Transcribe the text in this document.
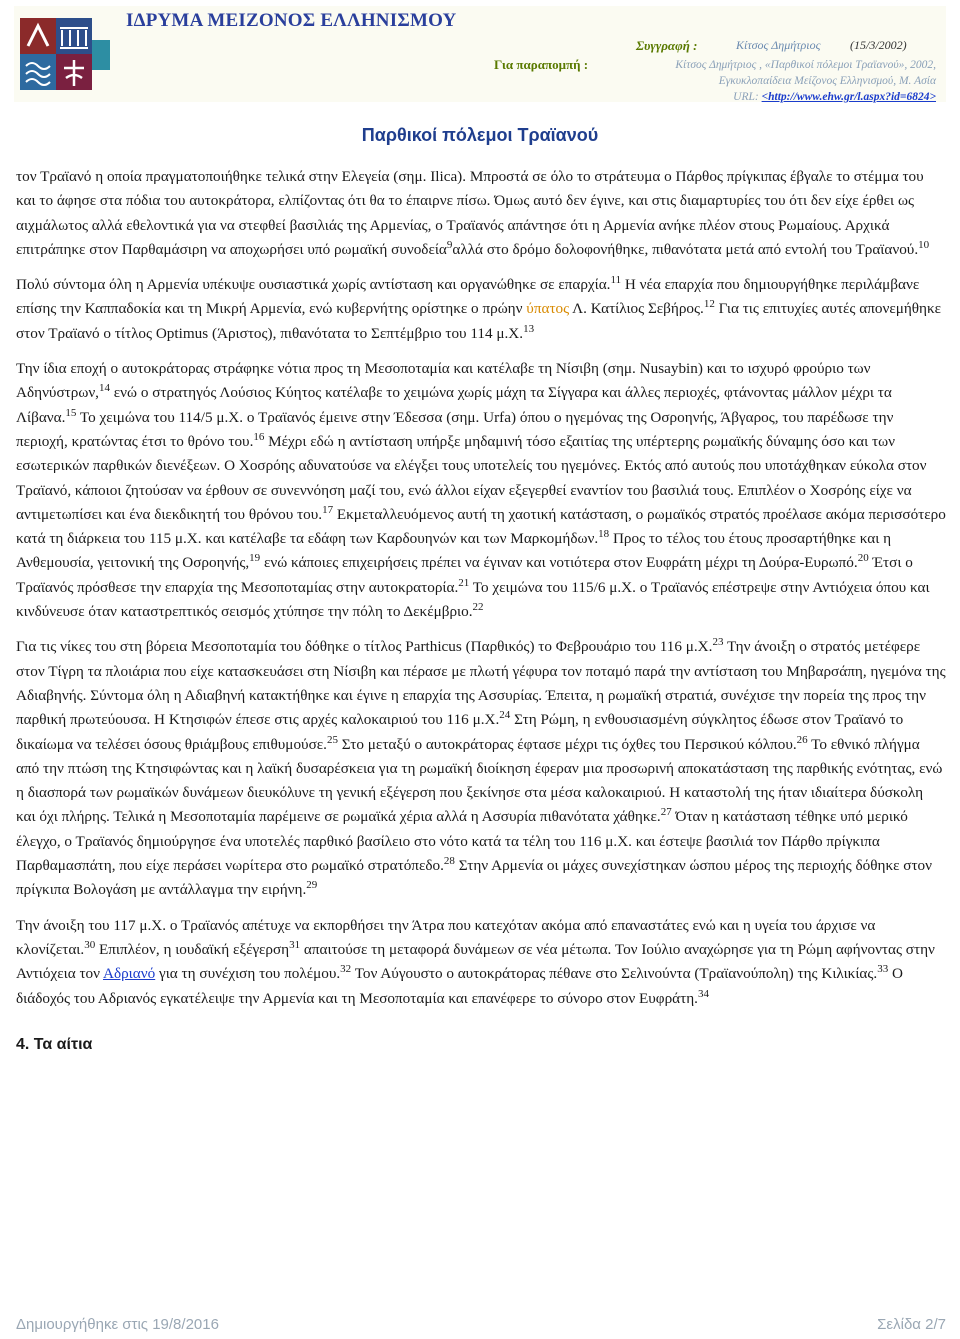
ΙΔΡΥΜΑ ΜΕΙΖΟΝΟΣ ΕΛΛΗΝΙΣΜΟΥ
Συγγραφή :	Κίτσος Δημήτριος (15/3/2002)
Για παραπομπή :	Κίτσος Δημήτριος , «Παρθικοί πόλεμοι Τραϊανού», 2002,
Εγκυκλοπαίδεια Μείζονος Ελληνισμού, Μ. Ασία
URL: <http://www.ehw.gr/l.aspx?id=6824>
Παρθικοί πόλεμοι Τραϊανού

τον Τραϊανό η οποία πραγματοποιήθηκε τελικά στην Ελεγεία (σημ. Ilica). Μπροστά σε όλο το στράτευμα ο Πάρθος πρίγκιπας έβγαλε το στέμμα του και το άφησε στα πόδια του αυτοκράτορα, ελπίζοντας ότι θα το έπαιρνε πίσω. Όμως αυτό δεν έγινε, και στις διαμαρτυρίες του ότι δεν είχε έρθει ως αιχμάλωτος αλλά εθελοντικά για να στεφθεί βασιλιάς της Αρμενίας, ο Τραϊανός απάντησε ότι η Αρμενία ανήκε πλέον στους Ρωμαίους. Αρχικά επιτράπηκε στον Παρθαμάσιρη να αποχωρήσει υπό ρωμαϊκή συνοδεία$^9$αλλά στο δρόμο δολοφονήθηκε, πιθανότατα μετά από εντολή του Τραϊανού.$^{10}$

Πολύ σύντομα όλη η Αρμενία υπέκυψε ουσιαστικά χωρίς αντίσταση και οργανώθηκε σε επαρχία.$^{11}$ Η νέα επαρχία που δημιουργήθηκε περιλάμβανε επίσης την Καππαδοκία και τη Μικρή Αρμενία, ενώ κυβερνήτης ορίστηκε ο πρώην ύπατος Λ. Κατίλιος Σεβήρος.$^{12}$ Για τις επιτυχίες αυτές απονεμήθηκε στον Τραϊανό ο τίτλος Optimus (Άριστος), πιθανότατα το Σεπτέμβριο του 114 μ.Χ.$^{13}$

Την ίδια εποχή ο αυτοκράτορας στράφηκε νότια προς τη Μεσοποταμία και κατέλαβε τη Νίσιβη (σημ. Nusaybin) και το ισχυρό φρούριο των Αδηνύστρων,$^{14}$ ενώ ο στρατηγός Λούσιος Κύητος κατέλαβε το χειμώνα χωρίς μάχη τα Σίγγαρα και άλλες περιοχές, φτάνοντας μάλλον μέχρι τα Λίβανα.$^{15}$ Το χειμώνα του 114/5 μ.Χ. ο Τραϊανός έμεινε στην Έδεσσα (σημ. Urfa) όπου ο ηγεμόνας της Οσροηνής, Άβγαρος, του παρέδωσε την περιοχή, κρατώντας έτσι το θρόνο του.$^{16}$ Μέχρι εδώ η αντίσταση υπήρξε μηδαμινή τόσο εξαιτίας της υπέρτερης ρωμαϊκής δύναμης όσο και των εσωτερικών παρθικών διενέξεων. Ο Χοσρόης αδυνατούσε να ελέγξει τους υποτελείς του ηγεμόνες. Εκτός από αυτούς που υποτάχθηκαν εύκολα στον Τραϊανό, κάποιοι ζητούσαν να έρθουν σε συνεννόηση μαζί του, ενώ άλλοι είχαν εξεγερθεί εναντίον του βασιλιά τους. Επιπλέον ο Χοσρόης είχε να αντιμετωπίσει και ένα διεκδικητή του θρόνου του.$^{17}$ Εκμεταλλευόμενος αυτή τη χαοτική κατάσταση, ο ρωμαϊκός στρατός προέλασε ακόμα περισσότερο κατά τη διάρκεια του 115 μ.Χ. και κατέλαβε τα εδάφη των Καρδουηνών και των Μαρκομήδων.$^{18}$ Προς το τέλος του έτους προσαρτήθηκε και η Ανθεμουσία, γειτονική της Οσροηνής,$^{19}$ ενώ κάποιες επιχειρήσεις πρέπει να έγιναν και νοτιότερα στον Ευφράτη μέχρι τη Δούρα-Ευρωπό.$^{20}$ Έτσι ο Τραϊανός πρόσθεσε την επαρχία της Μεσοποταμίας στην αυτοκρατορία.$^{21}$ Το χειμώνα του 115/6 μ.Χ. ο Τραϊανός επέστρεψε στην Αντιόχεια όπου και κινδύνευσε όταν καταστρεπτικός σεισμός χτύπησε την πόλη το Δεκέμβριο.$^{22}$

Για τις νίκες του στη βόρεια Μεσοποταμία του δόθηκε ο τίτλος Parthicus (Παρθικός) το Φεβρουάριο του 116 μ.Χ.$^{23}$ Την άνοιξη ο στρατός μετέφερε στον Τίγρη τα πλοιάρια που είχε κατασκευάσει στη Νίσιβη και πέρασε με πλωτή γέφυρα τον ποταμό παρά την αντίσταση του Μηβαρσάπη, ηγεμόνα της Αδιαβηνής. Σύντομα όλη η Αδιαβηνή κατακτήθηκε και έγινε η επαρχία της Ασσυρίας. Έπειτα, η ρωμαϊκή στρατιά, συνέχισε την πορεία της προς την παρθική πρωτεύουσα. Η Κτησιφών έπεσε στις αρχές καλοκαιριού του 116 μ.Χ.$^{24}$ Στη Ρώμη, η ενθουσιασμένη σύγκλητος έδωσε στον Τραϊανό το δικαίωμα να τελέσει όσους θριάμβους επιθυμούσε.$^{25}$ Στο μεταξύ ο αυτοκράτορας έφτασε μέχρι τις όχθες του Περσικού κόλπου.$^{26}$ Το εθνικό πλήγμα από την πτώση της Κτησιφώντας και η λαϊκή δυσαρέσκεια για τη ρωμαϊκή διοίκηση έφεραν μια προσωρινή αποκατάσταση της παρθικής ενότητας, ενώ η διασπορά των ρωμαϊκών δυνάμεων διευκόλυνε τη γενική εξέγερση που ξεκίνησε στα μέσα καλοκαιριού. Η καταστολή της ήταν ιδιαίτερα δύσκολη και όχι πλήρης. Τελικά η Μεσοποταμία παρέμεινε σε ρωμαϊκά χέρια αλλά η Ασσυρία πιθανότατα χάθηκε.$^{27}$ Όταν η κατάσταση τέθηκε υπό μερικό έλεγχο, ο Τραϊανός δημιούργησε ένα υποτελές παρθικό βασίλειο στο νότο κατά τα τέλη του 116 μ.Χ. και έστεψε βασιλιά τον Πάρθο πρίγκιπα Παρθαμασπάτη, που είχε περάσει νωρίτερα στο ρωμαϊκό στρατόπεδο.$^{28}$ Στην Αρμενία οι μάχες συνεχίστηκαν ώσπου μέρος της περιοχής δόθηκε στον πρίγκιπα Βολογάση με αντάλλαγμα την ειρήνη.$^{29}$

Την άνοιξη του 117 μ.Χ. ο Τραϊανός απέτυχε να εκπορθήσει την Άτρα που κατεχόταν ακόμα από επαναστάτες ενώ και η υγεία του άρχισε να κλονίζεται.$^{30}$ Επιπλέον, η ιουδαϊκή εξέγερση$^{31}$ απαιτούσε τη μεταφορά δυνάμεων σε νέα μέτωπα. Τον Ιούλιο αναχώρησε για τη Ρώμη αφήνοντας στην Αντιόχεια τον Αδριανό για τη συνέχιση του πολέμου.$^{32}$ Τον Αύγουστο ο αυτοκράτορας πέθανε στο Σελινούντα (Τραϊανούπολη) της Κιλικίας.$^{33}$ Ο διάδοχός του Αδριανός εγκατέλειψε την Αρμενία και τη Μεσοποταμία και επανέφερε το σύνορο στον Ευφράτη.$^{34}$

4. Τα αίτια
Δημιουργήθηκε στις 19/8/2016	Σελίδα 2/7
